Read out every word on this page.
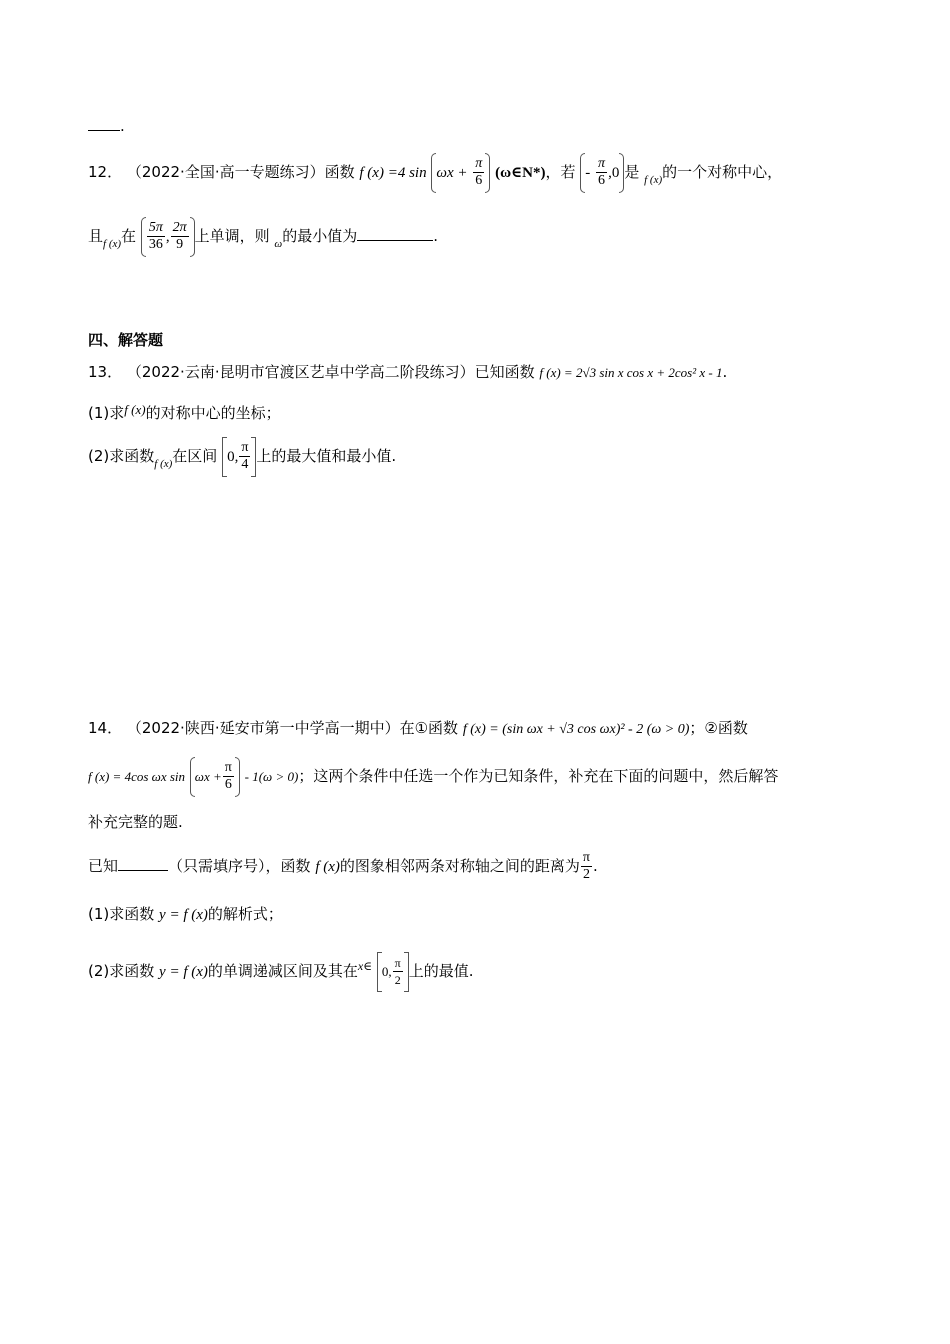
.
12． （2022·全国·高一专题练习）函数 f (x) =4 $\sin \omega x + \frac{\pi}{6}$ (ω∈N*)，若 - $\frac{\pi}{6} ,0$ 是 $_{f (x)}$的一个对称中心，
且$_{f (x)}$在 $\frac{5\pi}{36}$ , $\frac{2\pi}{9}$ 上单调，则 $_\omega$的最小值为	.
四、解答题
13． （2022·云南·昆明市官渡区艺卓中学高二阶段练习）已知函数 f (x) = 2√3 sin x cos x + 2cos² x - 1.
(1)求f (x)的对称中心的坐标；
(2)求函数$_{f (x)}$在区间 0, $\frac{\pi}{4}$ 上的最大值和最小值.
14． （2022·陕西·延安市第一中学高一期中）在①函数 f (x) = (sin ωx + √3 cos ωx)² - 2 (ω > 0)；②函数
f (x) = 4cos ωx $\sin \omega x + \frac{\pi}{6} - 1(\omega > 0)$；这两个条件中任选一个作为已知条件，补充在下面的问题中，然后解答
补充完整的题.
已知	（只需填序号），函数 f (x)的图象相邻两条对称轴之间的距离为 $\frac{\pi}{2}$ .
(1)求函数 y = f (x)的解析式；
(2)求函数 y = f (x)的单调递减区间及其在$^{x\in}$ 0, $\frac{\pi}{2}$ 上的最值.
